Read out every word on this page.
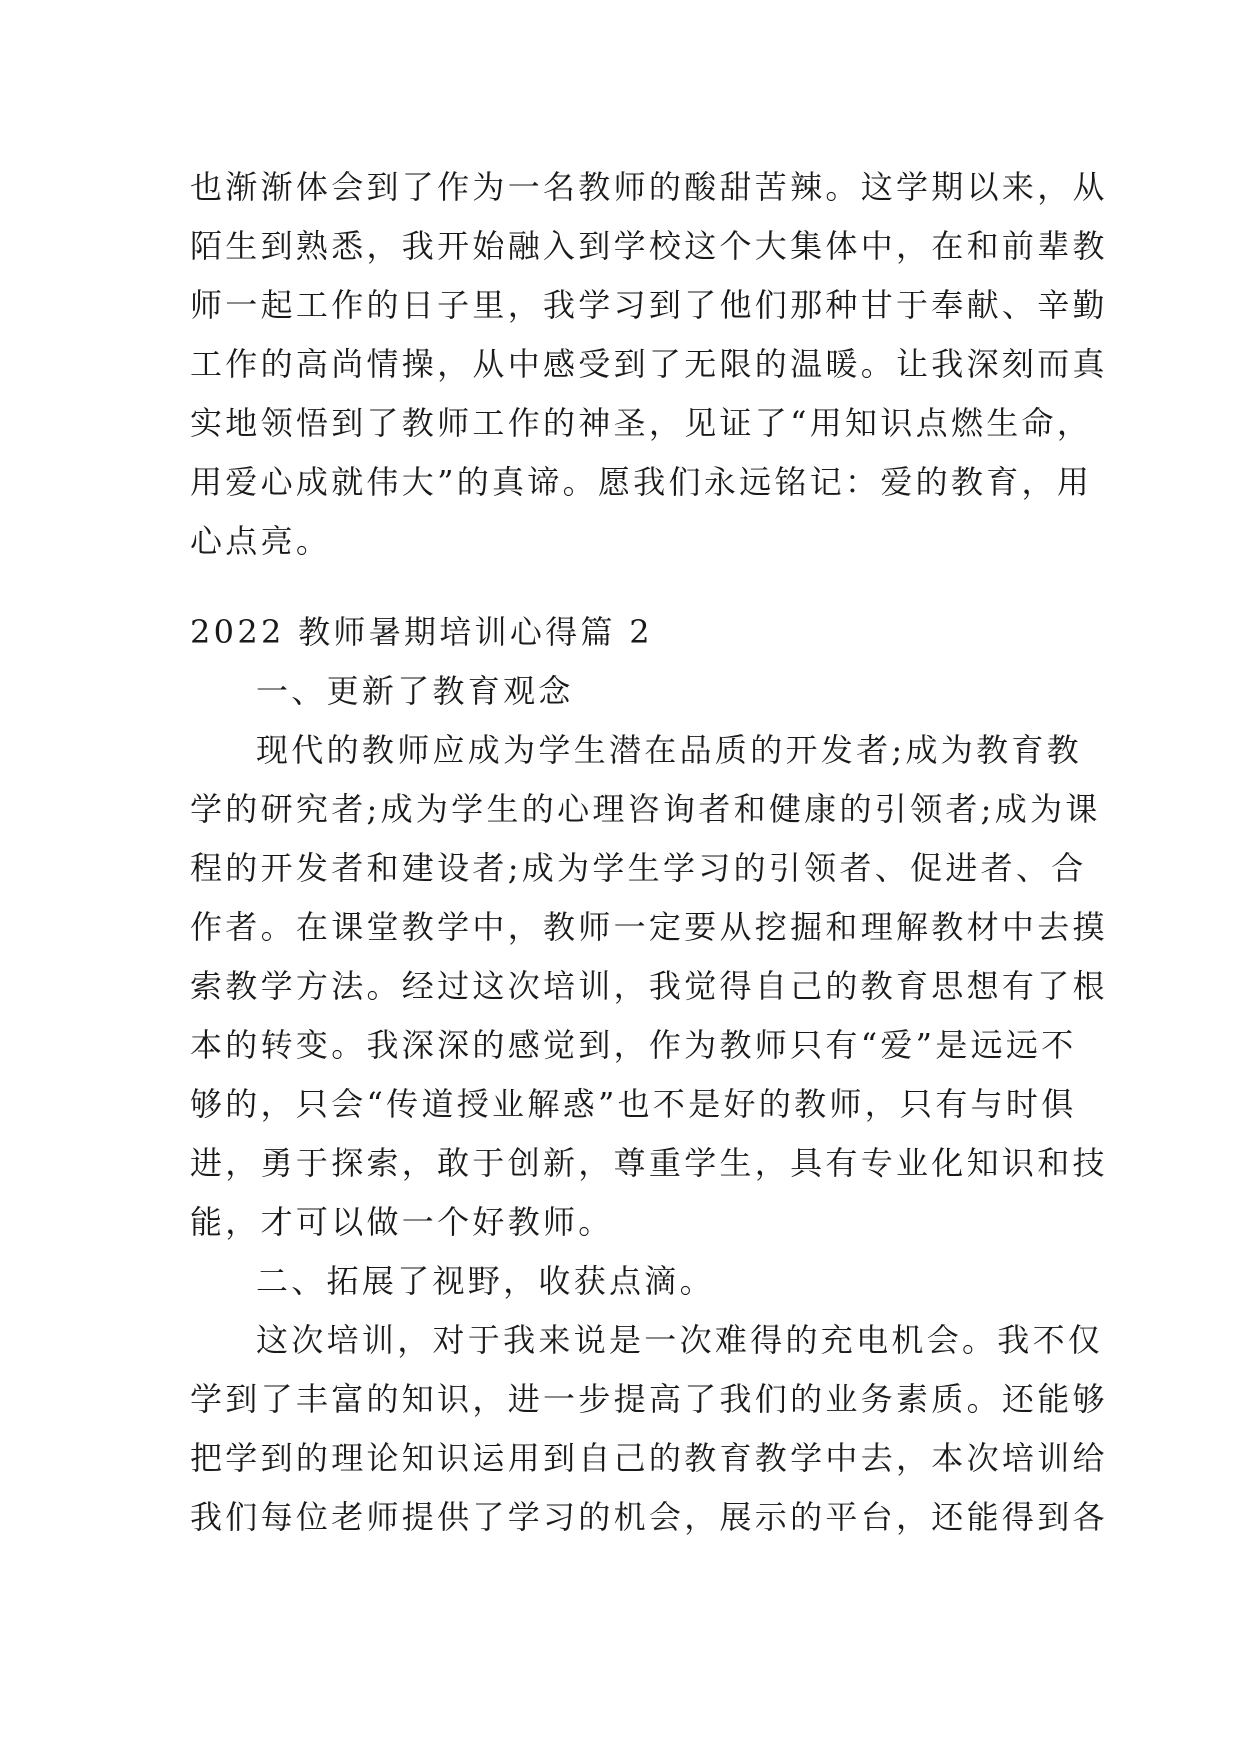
也渐渐体会到了作为一名教师的酸甜苦辣。这学期以来，从
陌生到熟悉，我开始融入到学校这个大集体中，在和前辈教
师一起工作的日子里，我学习到了他们那种甘于奉献、辛勤
工作的高尚情操，从中感受到了无限的温暖。让我深刻而真
实地领悟到了教师工作的神圣，见证了“用知识点燃生命，
用爱心成就伟大”的真谛。愿我们永远铭记：爱的教育，用
心点亮。
2022 教师暑期培训心得篇 2
一、更新了教育观念
现代的教师应成为学生潜在品质的开发者;成为教育教
学的研究者;成为学生的心理咨询者和健康的引领者;成为课
程的开发者和建设者;成为学生学习的引领者、促进者、合
作者。在课堂教学中，教师一定要从挖掘和理解教材中去摸
索教学方法。经过这次培训，我觉得自己的教育思想有了根
本的转变。我深深的感觉到，作为教师只有“爱”是远远不
够的，只会“传道授业解惑”也不是好的教师，只有与时俱
进，勇于探索，敢于创新，尊重学生，具有专业化知识和技
能，才可以做一个好教师。
二、拓展了视野，收获点滴。
这次培训，对于我来说是一次难得的充电机会。我不仅
学到了丰富的知识，进一步提高了我们的业务素质。还能够
把学到的理论知识运用到自己的教育教学中去，本次培训给
我们每位老师提供了学习的机会，展示的平台，还能得到各
